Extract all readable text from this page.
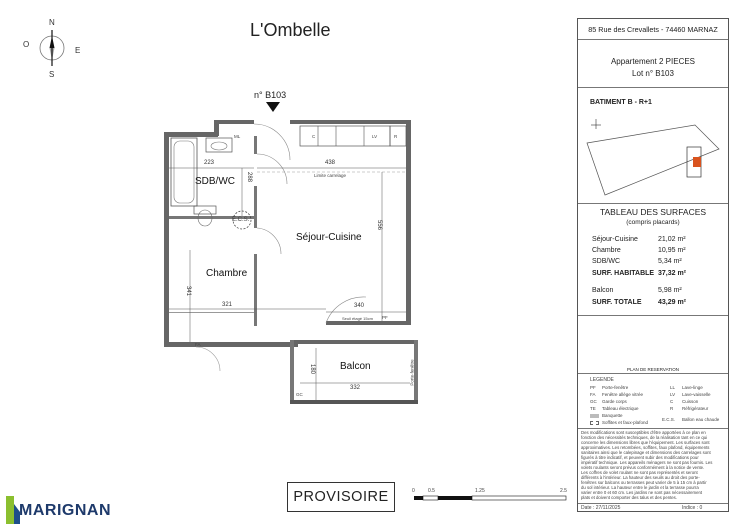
L'Ombelle
N
S
E
O
n° B103
SDB/WC
Séjour-Cuisine
Chambre
Balcon
E.C.S.
ML	C	LV	R
GC
FA
PF
223
288
438
556
321
341
340
332
180
Limite carrelage
Seuil étagé 15cm
Porte-fenêtre
85 Rue des Crevallets - 74460 MARNAZ
Appartement 2 PIECES
Lot n° B103
BATIMENT B - R+1
TABLEAU DES SURFACES
(compris placards)
Séjour-Cuisine	21,02 m²
Chambre	10,95 m²
SDB/WC	5,34 m²
SURF. HABITABLE 37,32 m²
Balcon	5,98 m²
SURF. TOTALE 43,29 m²
PLAN DE RESERVATION
LEGENDE
PF Porte-fenêtre
FA Fenêtre allège vitrée
GC Garde corps
TE Tableau électrique
Banquette
Soffites et faux-plafond
LL Lave-linge
LV Lave-vaisselle
C Cuisson
R Réfrigérateur
E.C.S. Ballon eau chaude
Des modifications sont susceptibles d'être apportées à ce plan en
fonction des nécessités techniques, de la réalisation tant en ce qui
concerne les dimensions libres que l'équipement. Les surfaces sont
approximatives. Les retombées, soffites, faux plafond, équipements
sanitaires ainsi que le calepinage et dimensions des carrelages sont
figurés à titre indicatif, et peuvent subir des modifications pour
impératif technique. Les appareils ménagers ne sont pas fournis. Les
volets roulants seront prévus conformément à la notice de vente.
Les coffres de volet roulant ne sont pas représentés et seront
différents à l'intérieur. La hauteur des seuils au droit des porte-
fenêtres sur balcons ou terrasses peut varier de 5 à 15 cm à partir
du sol intérieur. La hauteur entre le jardin et la terrasse pourra
varier entre 0 et 60 cm. Les jardins ne sont pas nécessairement
plats et doivent comporter des talus et des pentes.
Date : 27/11/2025	Indice : 0
PROVISOIRE	0	0.5	1.25	2.5
MARIGNAN
